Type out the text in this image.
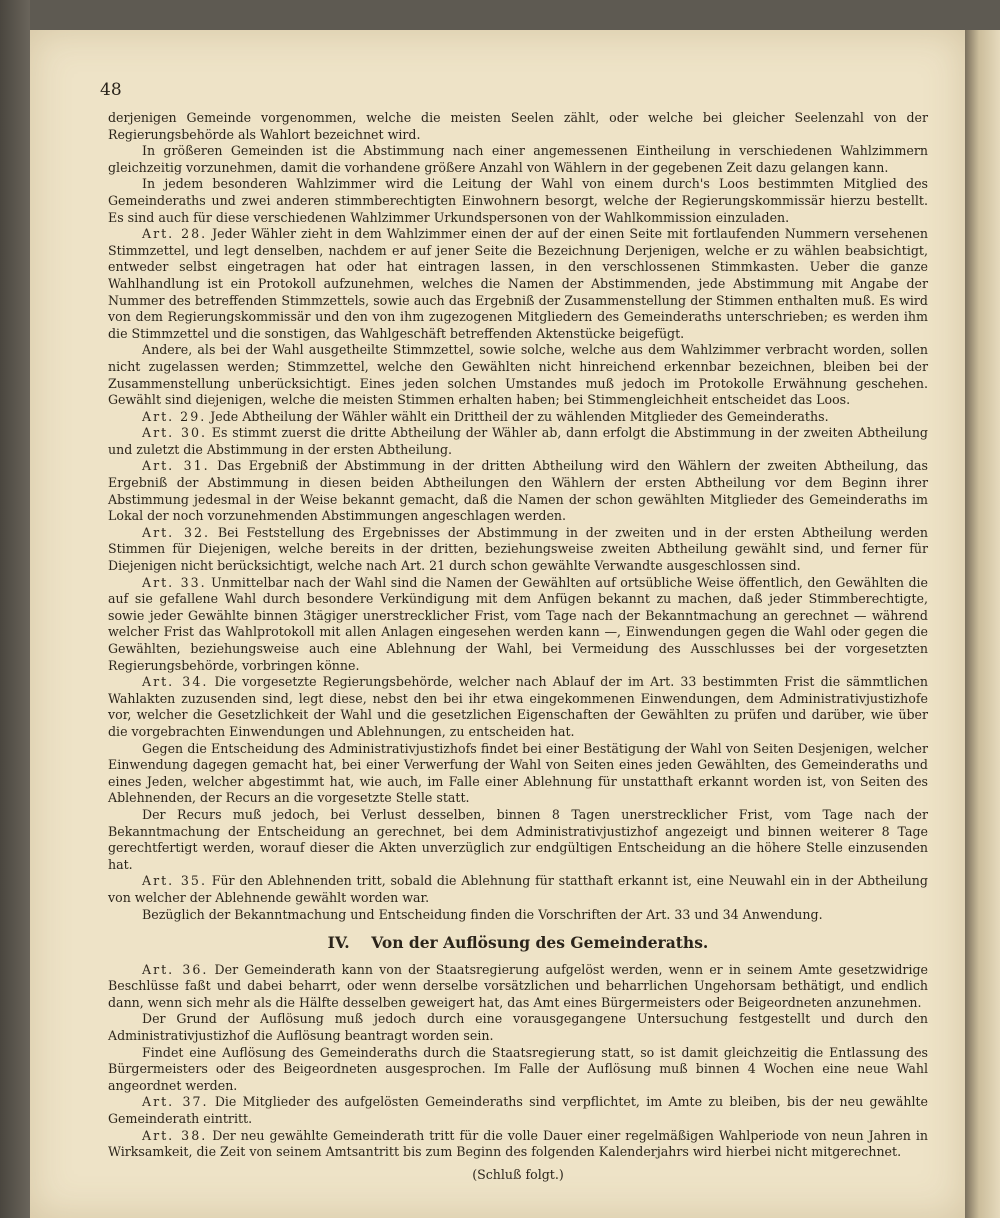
48

derjenigen Gemeinde vorgenommen, welche die meisten Seelen zählt, oder welche bei gleicher Seelenzahl von der Regierungsbehörde als Wahlort bezeichnet wird.

In größeren Gemeinden ist die Abstimmung nach einer angemessenen Eintheilung in verschiedenen Wahlzimmern gleichzeitig vorzunehmen, damit die vorhandene größere Anzahl von Wählern in der gegebenen Zeit dazu gelangen kann.

In jedem besonderen Wahlzimmer wird die Leitung der Wahl von einem durch's Loos bestimmten Mitglied des Gemeinderaths und zwei anderen stimmberechtigten Einwohnern besorgt, welche der Regierungskommissär hierzu bestellt. Es sind auch für diese verschiedenen Wahlzimmer Urkundspersonen von der Wahlkommission einzuladen.

Art. 28. Jeder Wähler zieht in dem Wahlzimmer einen der auf der einen Seite mit fortlaufenden Nummern versehenen Stimmzettel, und legt denselben, nachdem er auf jener Seite die Bezeichnung Derjenigen, welche er zu wählen beabsichtigt, entweder selbst eingetragen hat oder hat eintragen lassen, in den verschlossenen Stimmkasten. Ueber die ganze Wahlhandlung ist ein Protokoll aufzunehmen, welches die Namen der Abstimmenden, jede Abstimmung mit Angabe der Nummer des betreffenden Stimmzettels, sowie auch das Ergebniß der Zusammenstellung der Stimmen enthalten muß. Es wird von dem Regierungskommissär und den von ihm zugezogenen Mitgliedern des Gemeinderaths unterschrieben; es werden ihm die Stimmzettel und die sonstigen, das Wahlgeschäft betreffenden Aktenstücke beigefügt.

Andere, als bei der Wahl ausgetheilte Stimmzettel, sowie solche, welche aus dem Wahlzimmer verbracht worden, sollen nicht zugelassen werden; Stimmzettel, welche den Gewählten nicht hinreichend erkennbar bezeichnen, bleiben bei der Zusammenstellung unberücksichtigt. Eines jeden solchen Umstandes muß jedoch im Protokolle Erwähnung geschehen. Gewählt sind diejenigen, welche die meisten Stimmen erhalten haben; bei Stimmengleichheit entscheidet das Loos.

Art. 29. Jede Abtheilung der Wähler wählt ein Drittheil der zu wählenden Mitglieder des Gemeinderaths.

Art. 30. Es stimmt zuerst die dritte Abtheilung der Wähler ab, dann erfolgt die Abstimmung in der zweiten Abtheilung und zuletzt die Abstimmung in der ersten Abtheilung.

Art. 31. Das Ergebniß der Abstimmung in der dritten Abtheilung wird den Wählern der zweiten Abtheilung, das Ergebniß der Abstimmung in diesen beiden Abtheilungen den Wählern der ersten Abtheilung vor dem Beginn ihrer Abstimmung jedesmal in der Weise bekannt gemacht, daß die Namen der schon gewählten Mitglieder des Gemeinderaths im Lokal der noch vorzunehmenden Abstimmungen angeschlagen werden.

Art. 32. Bei Feststellung des Ergebnisses der Abstimmung in der zweiten und in der ersten Abtheilung werden Stimmen für Diejenigen, welche bereits in der dritten, beziehungsweise zweiten Abtheilung gewählt sind, und ferner für Diejenigen nicht berücksichtigt, welche nach Art. 21 durch schon gewählte Verwandte ausgeschlossen sind.

Art. 33. Unmittelbar nach der Wahl sind die Namen der Gewählten auf ortsübliche Weise öffentlich, den Gewählten die auf sie gefallene Wahl durch besondere Verkündigung mit dem Anfügen bekannt zu machen, daß jeder Stimmberechtigte, sowie jeder Gewählte binnen 3tägiger unerstrecklicher Frist, vom Tage nach der Bekanntmachung an gerechnet — während welcher Frist das Wahlprotokoll mit allen Anlagen eingesehen werden kann —, Einwendungen gegen die Wahl oder gegen die Gewählten, beziehungsweise auch eine Ablehnung der Wahl, bei Vermeidung des Ausschlusses bei der vorgesetzten Regierungsbehörde, vorbringen könne.

Art. 34. Die vorgesetzte Regierungsbehörde, welcher nach Ablauf der im Art. 33 bestimmten Frist die sämmtlichen Wahlakten zuzusenden sind, legt diese, nebst den bei ihr etwa eingekommenen Einwendungen, dem Administrativjustizhofe vor, welcher die Gesetzlichkeit der Wahl und die gesetzlichen Eigenschaften der Gewählten zu prüfen und darüber, wie über die vorgebrachten Einwendungen und Ablehnungen, zu entscheiden hat.

Gegen die Entscheidung des Administrativjustizhofs findet bei einer Bestätigung der Wahl von Seiten Desjenigen, welcher Einwendung dagegen gemacht hat, bei einer Verwerfung der Wahl von Seiten eines jeden Gewählten, des Gemeinderaths und eines Jeden, welcher abgestimmt hat, wie auch, im Falle einer Ablehnung für unstatthaft erkannt worden ist, von Seiten des Ablehnenden, der Recurs an die vorgesetzte Stelle statt.

Der Recurs muß jedoch, bei Verlust desselben, binnen 8 Tagen unerstrecklicher Frist, vom Tage nach der Bekanntmachung der Entscheidung an gerechnet, bei dem Administrativjustizhof angezeigt und binnen weiterer 8 Tage gerechtfertigt werden, worauf dieser die Akten unverzüglich zur endgültigen Entscheidung an die höhere Stelle einzusenden hat.

Art. 35. Für den Ablehnenden tritt, sobald die Ablehnung für statthaft erkannt ist, eine Neuwahl ein in der Abtheilung von welcher der Ablehnende gewählt worden war.

Bezüglich der Bekanntmachung und Entscheidung finden die Vorschriften der Art. 33 und 34 Anwendung.

IV. Von der Auflösung des Gemeinderaths.

Art. 36. Der Gemeinderath kann von der Staatsregierung aufgelöst werden, wenn er in seinem Amte gesetzwidrige Beschlüsse faßt und dabei beharrt, oder wenn derselbe vorsätzlichen und beharrlichen Ungehorsam bethätigt, und endlich dann, wenn sich mehr als die Hälfte desselben geweigert hat, das Amt eines Bürgermeisters oder Beigeordneten anzunehmen.

Der Grund der Auflösung muß jedoch durch eine vorausgegangene Untersuchung festgestellt und durch den Administrativjustizhof die Auflösung beantragt worden sein.

Findet eine Auflösung des Gemeinderaths durch die Staatsregierung statt, so ist damit gleichzeitig die Entlassung des Bürgermeisters oder des Beigeordneten ausgesprochen. Im Falle der Auflösung muß binnen 4 Wochen eine neue Wahl angeordnet werden.

Art. 37. Die Mitglieder des aufgelösten Gemeinderaths sind verpflichtet, im Amte zu bleiben, bis der neu gewählte Gemeinderath eintritt.

Art. 38. Der neu gewählte Gemeinderath tritt für die volle Dauer einer regelmäßigen Wahlperiode von neun Jahren in Wirksamkeit, die Zeit von seinem Amtsantritt bis zum Beginn des folgenden Kalenderjahrs wird hierbei nicht mitgerechnet.

(Schluß folgt.)
